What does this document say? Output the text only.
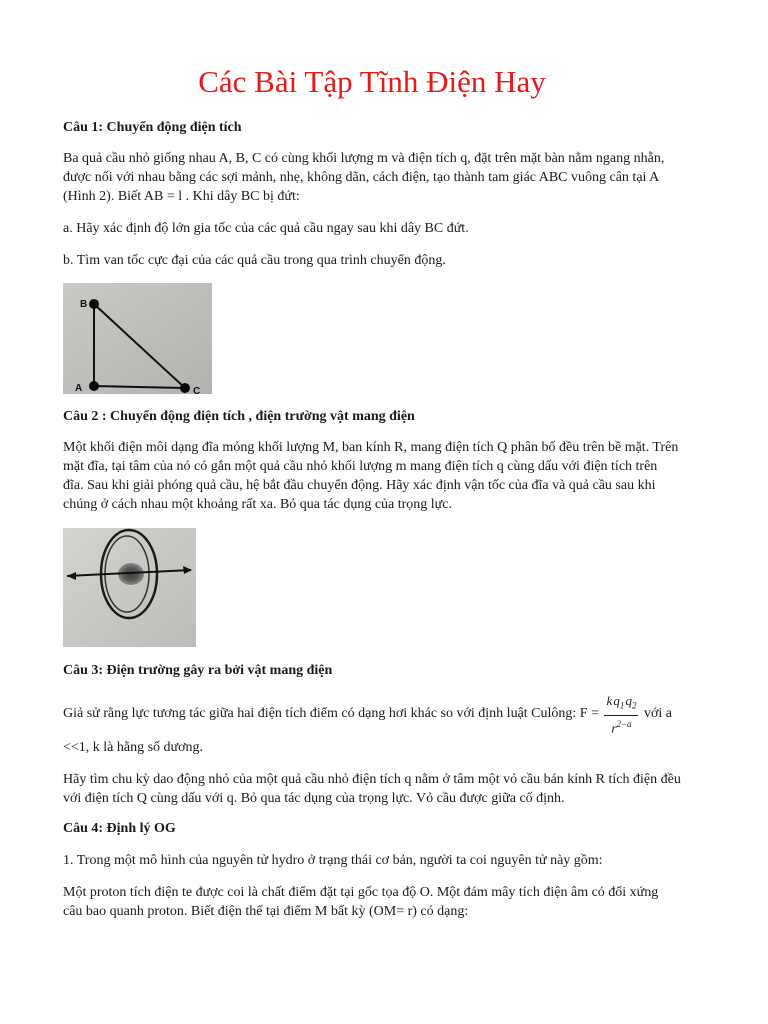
Các Bài Tập Tĩnh Điện Hay

Câu 1: Chuyển động điện tích

Ba quả cầu nhỏ giống nhau A, B, C có cùng khối lượng m và điện tích q, đặt trên mặt bàn nằm ngang nhẵn, được nối với nhau bằng các sợi mảnh, nhẹ, không dãn, cách điện, tạo thành tam giác ABC vuông cân tại A (Hình 2). Biết AB = l . Khi dây BC bị đứt:

a. Hãy xác định độ lớn gia tốc của các quả cầu ngay sau khi dây BC đứt.

b. Tìm van tốc cực đại của các quả cầu trong qua trình chuyển động.

B
A	C

Câu 2 : Chuyển động điện tích , điện trường vật mang điện

Một khối điện môi dạng đĩa mỏng khối lượng M, ban kính R, mang điện tích Q phân bố đều trên bề mặt. Trên mặt đĩa, tại tâm của nó có gắn một quả cầu nhỏ khối lượng m mang điện tích q cùng dấu với điện tích trên đĩa. Sau khi giải phóng quả cầu, hệ bắt đầu chuyển động. Hãy xác định vận tốc của đĩa và quả cầu sau khi chúng ở cách nhau một khoảng rất xa. Bỏ qua tác dụng của trọng lực.

Câu 3: Điện trường gây ra bởi vật mang điện

Giả sử rằng lực tương tác giữa hai điện tích điểm có dạng hơi khác so với định luật Culông: $F = \frac{k q_1 q_2}{r^{2-a}}$ với a

<<1, k là hằng số dương.

Hãy tìm chu kỳ dao động nhỏ của một quả cầu nhỏ điện tích q nằm ở tâm một vỏ cầu bán kính R tích điện đều với điện tích Q cùng dấu với q. Bỏ qua tác dụng của trọng lực. Vỏ cầu được giữa cố định.

Câu 4: Định lý OG

1. Trong một mô hình của nguyên tử hydro ở trạng thái cơ bản, người ta coi nguyên tử này gồm:

Một proton tích điện te được coi là chất điểm đặt tại gốc tọa độ O. Một đám mây tích điện âm có đối xứng câu bao quanh proton. Biết điện thế tại điểm M bất kỳ (OM= r) có dạng:
